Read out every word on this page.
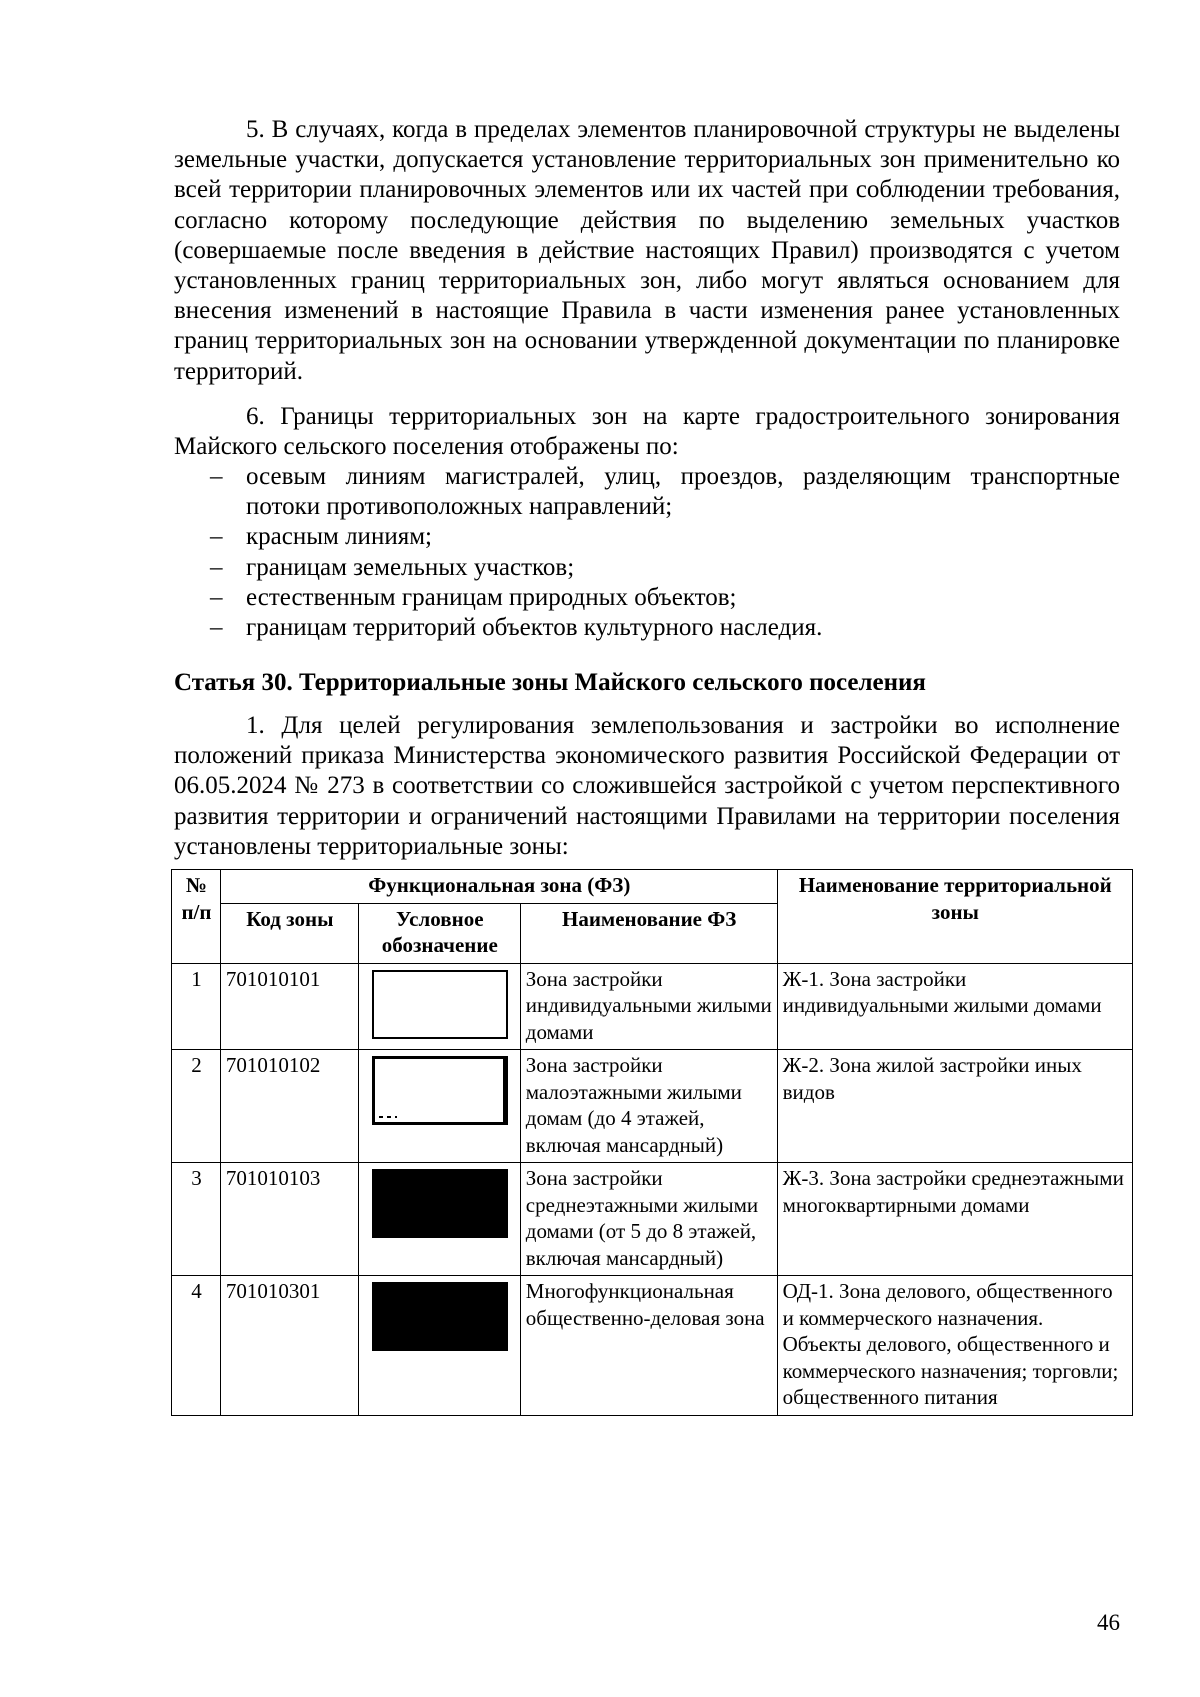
5. В случаях, когда в пределах элементов планировочной структуры не выделены земельные участки, допускается установление территориальных зон применительно ко всей территории планировочных элементов или их частей при соблюдении требования, согласно которому последующие действия по выделению земельных участков (совершаемые после введения в действие настоящих Правил) производятся с учетом установленных границ территориальных зон, либо могут являться основанием для внесения изменений в настоящие Правила в части изменения ранее установленных границ территориальных зон на основании утвержденной документации по планировке территорий.

6. Границы территориальных зон на карте градостроительного зонирования Майского сельского поселения отображены по:

– осевым линиям магистралей, улиц, проездов, разделяющим транспортные потоки противоположных направлений;
– красным линиям;
– границам земельных участков;
– естественным границам природных объектов;
– границам территорий объектов культурного наследия.
Статья 30. Территориальные зоны Майского сельского поселения

1. Для целей регулирования землепользования и застройки во исполнение положений приказа Министерства экономического развития Российской Федерации от 06.05.2024 № 273 в соответствии со сложившейся застройкой с учетом перспективного развития территории и ограничений настоящими Правилами на территории поселения установлены территориальные зоны:

№ п/п	Функциональная зона (ФЗ)			Наименование территориальной зоны
	Код зоны	Условное обозначение	Наименование ФЗ	
1	701010101		Зона застройки индивидуальными жилыми домами	Ж-1. Зона застройки индивидуальными жилыми домами
2	701010102		Зона застройки малоэтажными жилыми домам (до 4 этажей, включая мансардный)	Ж-2. Зона жилой застройки иных видов
3	701010103		Зона застройки среднеэтажными жилыми домами (от 5 до 8 этажей, включая мансардный)	Ж-3. Зона застройки среднеэтажными многоквартирными домами
4	701010301		Многофункциональная общественно-деловая зона	ОД-1. Зона делового, общественного и коммерческого назначения.
Объекты делового, общественного и коммерческого назначения; торговли; общественного питания
46
